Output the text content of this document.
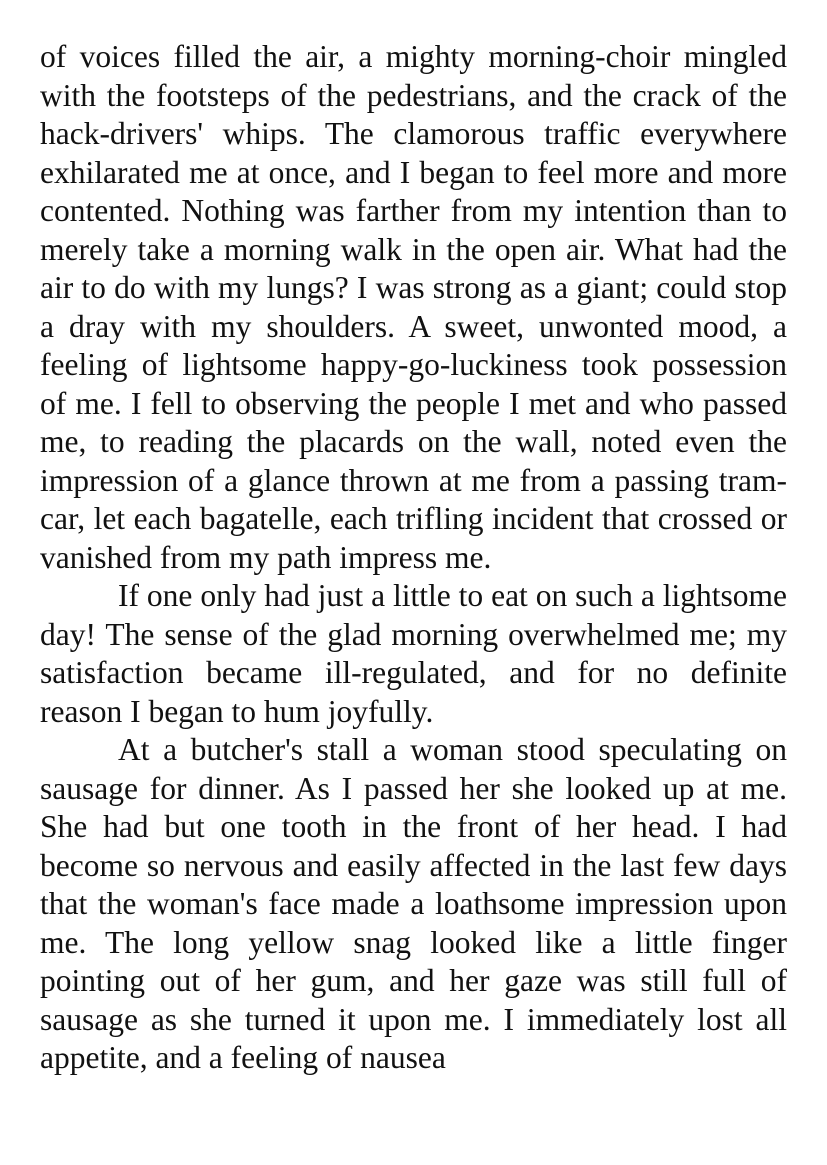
of voices filled the air, a mighty morning-choir mingled with the footsteps of the pedestrians, and the crack of the hack-drivers' whips. The clamorous traffic everywhere exhilarated me at once, and I began to feel more and more contented. Nothing was farther from my intention than to merely take a morning walk in the open air. What had the air to do with my lungs? I was strong as a giant; could stop a dray with my shoulders. A sweet, unwonted mood, a feeling of lightsome happy-go-luckiness took possession of me. I fell to observing the people I met and who passed me, to reading the placards on the wall, noted even the impression of a glance thrown at me from a passing tram-car, let each bagatelle, each trifling incident that crossed or vanished from my path impress me.

If one only had just a little to eat on such a lightsome day! The sense of the glad morning overwhelmed me; my satisfaction became ill-regulated, and for no definite reason I began to hum joyfully.

At a butcher's stall a woman stood speculating on sausage for dinner. As I passed her she looked up at me. She had but one tooth in the front of her head. I had become so nervous and easily affected in the last few days that the woman's face made a loathsome impression upon me. The long yellow snag looked like a little finger pointing out of her gum, and her gaze was still full of sausage as she turned it upon me. I immediately lost all appetite, and a feeling of nausea
